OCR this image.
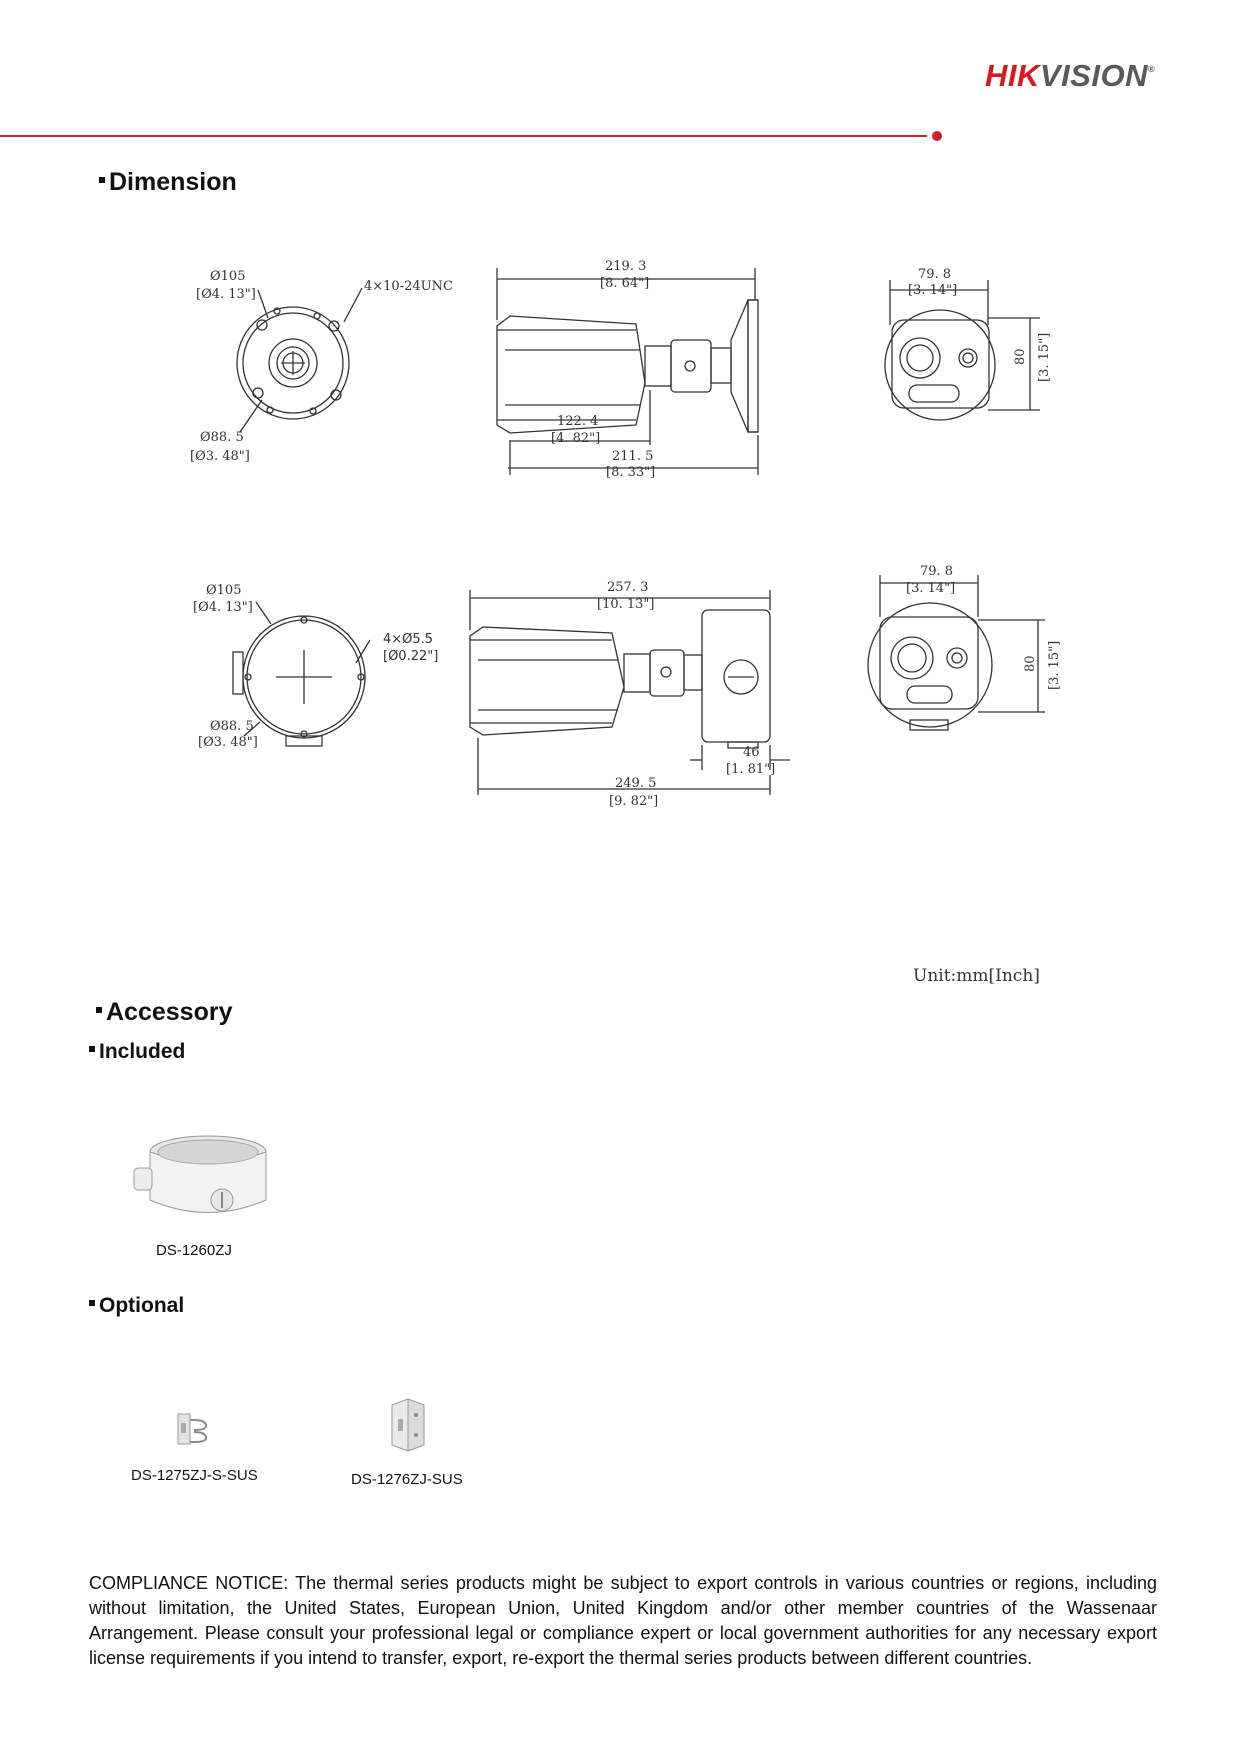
HIKVISION®
Dimension
Accessory
Included
Optional
Ø105
[Ø4. 13"]
4×10-24UNC
Ø88. 5
[Ø3. 48"]
219. 3
[8. 64"]
122. 4
[4. 82"]
211. 5
[8. 33"]
79. 8
[3. 14"]
80 [3. 15"]
Ø105
[Ø4. 13"]
4×Ø5.5
[Ø0.22"]
Ø88. 5
[Ø3. 48"]
257. 3
[10. 13"]
46
[1. 81"]
249. 5
[9. 82"]
79. 8
[3. 14"]
80 [3. 15"]
Unit:mm[Inch]
DS-1260ZJ
DS-1275ZJ-S-SUS	DS-1276ZJ-SUS
COMPLIANCE NOTICE: The thermal series products might be subject to export controls in various countries or regions, including without limitation, the United States, European Union, United Kingdom and/or other member countries of the Wassenaar Arrangement. Please consult your professional legal or compliance expert or local government authorities for any necessary export license requirements if you intend to transfer, export, re-export the thermal series products between different countries.
